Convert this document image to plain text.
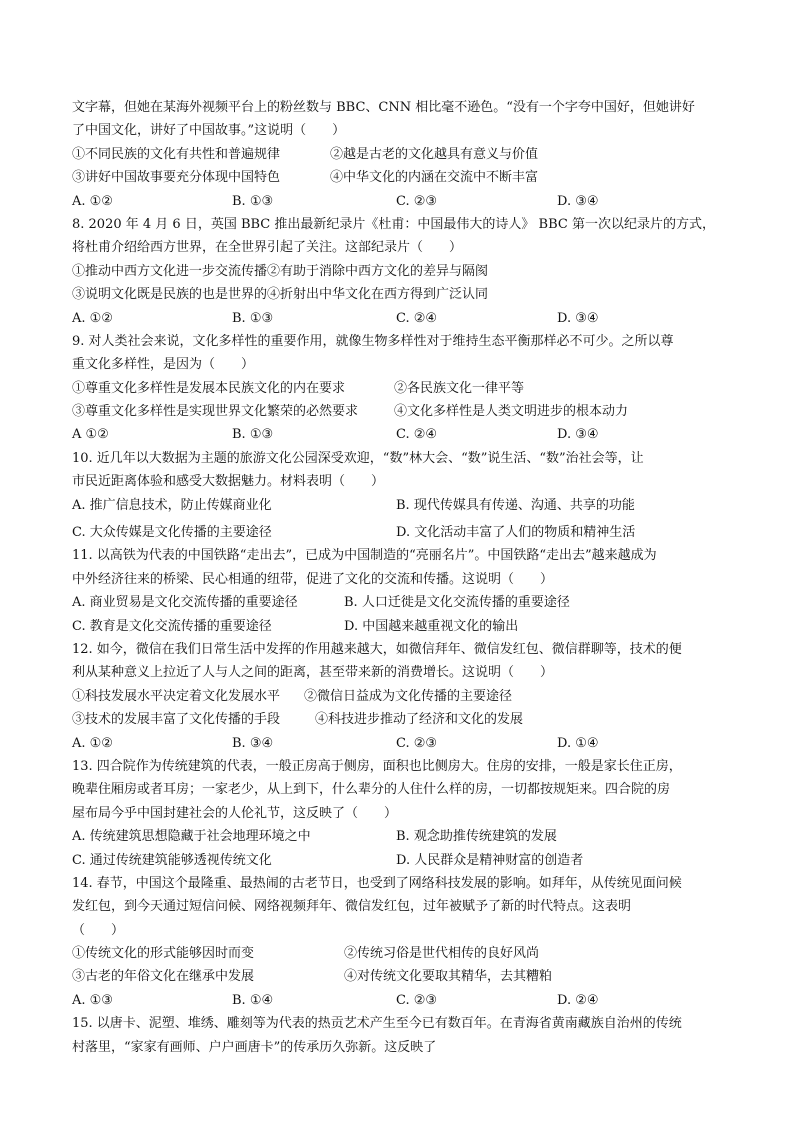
文字幕，但她在某海外视频平台上的粉丝数与 BBC、CNN 相比毫不逊色。“没有一个字夸中国好，但她讲好
了中国文化，讲好了中国故事。”这说明（　　）
①不同民族的文化有共性和普遍规律	②越是古老的文化越具有意义与价值
③讲好中国故事要充分体现中国特色	④中华文化的内涵在交流中不断丰富
A. ①②	B. ①③	C. ②③	D. ③④
8. 2020 年 4 月 6 日，英国 BBC 推出最新纪录片《杜甫：中国最伟大的诗人》 BBC 第一次以纪录片的方式，
将杜甫介绍给西方世界，在全世界引起了关注。这部纪录片（　　）
①推动中西方文化进一步交流传播②有助于消除中西方文化的差异与隔阂
③说明文化既是民族的也是世界的④折射出中华文化在西方得到广泛认同
A. ①②	B. ①③	C. ②④	D. ③④
9. 对人类社会来说，文化多样性的重要作用，就像生物多样性对于维持生态平衡那样必不可少。之所以尊
重文化多样性，是因为（　　）
①尊重文化多样性是发展本民族文化的内在要求	②各民族文化一律平等
③尊重文化多样性是实现世界文化繁荣的必然要求	④文化多样性是人类文明进步的根本动力
A ①②	B. ①③	C. ②④	D. ③④
10. 近几年以大数据为主题的旅游文化公园深受欢迎，“数”林大会、“数”说生活、“数”治社会等，让
市民近距离体验和感受大数据魅力。材料表明（　　）
A. 推广信息技术，防止传媒商业化	B. 现代传媒具有传递、沟通、共享的功能
C. 大众传媒是文化传播的主要途径	D. 文化活动丰富了人们的物质和精神生活
11. 以高铁为代表的中国铁路“走出去”，已成为中国制造的“亮丽名片”。中国铁路“走出去”越来越成为
中外经济往来的桥梁、民心相通的纽带，促进了文化的交流和传播。这说明（　　）
A. 商业贸易是文化交流传播的重要途径	B. 人口迁徙是文化交流传播的重要途径
C. 教育是文化交流传播的重要途径	D. 中国越来越重视文化的输出
12. 如今，微信在我们日常生活中发挥的作用越来越大，如微信拜年、微信发红包、微信群聊等，技术的便
利从某种意义上拉近了人与人之间的距离，甚至带来新的消费增长。这说明（　　）
①科技发展水平决定着文化发展水平 ②微信日益成为文化传播的主要途径
③技术的发展丰富了文化传播的手段	④科技进步推动了经济和文化的发展
A. ①②	B. ③④	C. ②③	D. ①④
13. 四合院作为传统建筑的代表，一般正房高于侧房，面积也比侧房大。住房的安排，一般是家长住正房，
晚辈住厢房或者耳房；一家老少，从上到下，什么辈分的人住什么样的房，一切都按规矩来。四合院的房
屋布局今乎中国封建社会的人伦礼节，这反映了（　　）
A. 传统建筑思想隐藏于社会地理环境之中	B. 观念助推传统建筑的发展
C. 通过传统建筑能够透视传统文化	D. 人民群众是精神财富的创造者
14. 春节，中国这个最隆重、最热闹的古老节日，也受到了网络科技发展的影响。如拜年，从传统见面问候
发红包，到今天通过短信问候、网络视频拜年、微信发红包，过年被赋予了新的时代特点。这表明
（　　）
①传统文化的形式能够因时而变	②传统习俗是世代相传的良好风尚
③古老的年俗文化在继承中发展	④对传统文化要取其精华，去其糟粕
A. ①③	B. ①④	C. ②③	D. ②④
15. 以唐卡、泥塑、堆绣、雕刻等为代表的热贡艺术产生至今已有数百年。在青海省黄南藏族自治州的传统
村落里，“家家有画师、户户画唐卡”的传承历久弥新。这反映了
